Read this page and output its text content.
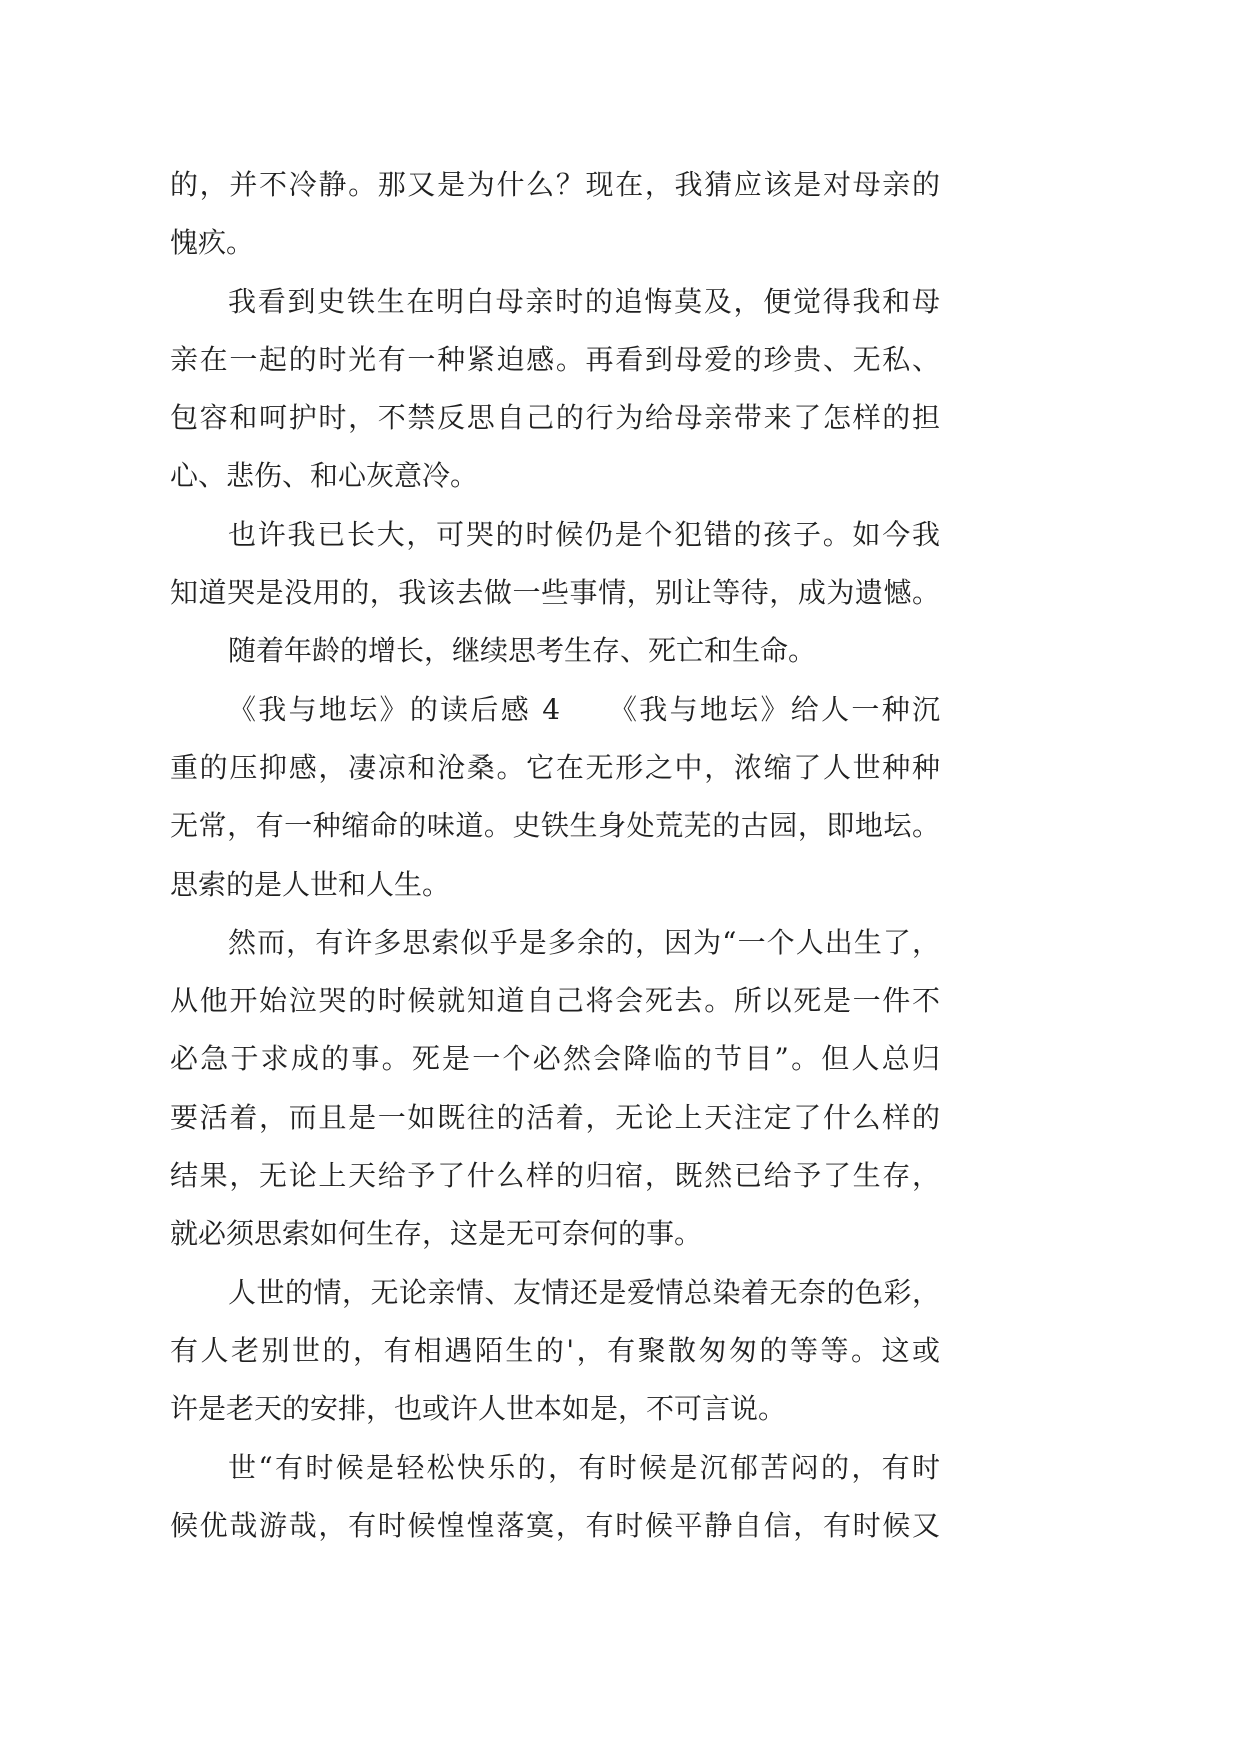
的，并不冷静。那又是为什么？现在，我猜应该是对母亲的
愧疚。
我看到史铁生在明白母亲时的追悔莫及，便觉得我和母
亲在一起的时光有一种紧迫感。再看到母爱的珍贵、无私、
包容和呵护时，不禁反思自己的行为给母亲带来了怎样的担
心、悲伤、和心灰意冷。
也许我已长大，可哭的时候仍是个犯错的孩子。如今我
知道哭是没用的，我该去做一些事情，别让等待，成为遗憾。
随着年龄的增长，继续思考生存、死亡和生命。
《我与地坛》的读后感 4　　《我与地坛》给人一种沉
重的压抑感，凄凉和沧桑。它在无形之中，浓缩了人世种种
无常，有一种缩命的味道。史铁生身处荒芜的古园，即地坛。
思索的是人世和人生。
然而，有许多思索似乎是多余的，因为“一个人出生了，
从他开始泣哭的时候就知道自己将会死去。所以死是一件不
必急于求成的事。死是一个必然会降临的节目”。但人总归
要活着，而且是一如既往的活着，无论上天注定了什么样的
结果，无论上天给予了什么样的归宿，既然已给予了生存，
就必须思索如何生存，这是无可奈何的事。
人世的情，无论亲情、友情还是爱情总染着无奈的色彩，
有人老别世的，有相遇陌生的'，有聚散匆匆的等等。这或
许是老天的安排，也或许人世本如是，不可言说。
世“有时候是轻松快乐的，有时候是沉郁苦闷的，有时
候优哉游哉，有时候惶惶落寞，有时候平静自信，有时候又
